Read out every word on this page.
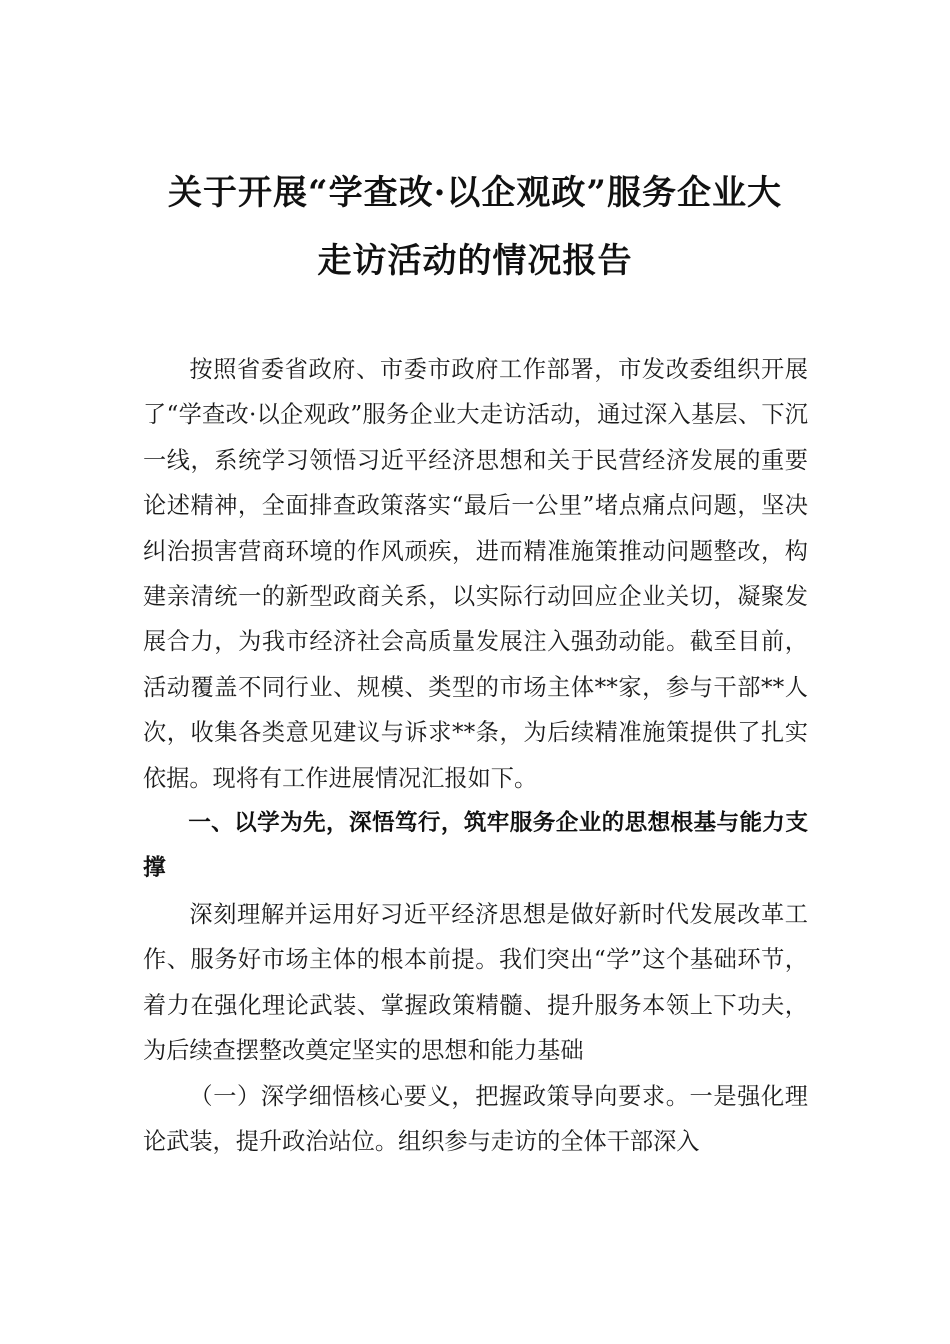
关于开展“学查改·以企观政”服务企业大
走访活动的情况报告

按照省委省政府、市委市政府工作部署，市发改委组织开展了“学查改·以企观政”服务企业大走访活动，通过深入基层、下沉一线，系统学习领悟习近平经济思想和关于民营经济发展的重要论述精神，全面排查政策落实“最后一公里”堵点痛点问题，坚决纠治损害营商环境的作风顽疾，进而精准施策推动问题整改，构建亲清统一的新型政商关系，以实际行动回应企业关切，凝聚发展合力，为我市经济社会高质量发展注入强劲动能。截至目前，活动覆盖不同行业、规模、类型的市场主体**家，参与干部**人次，收集各类意见建议与诉求**条，为后续精准施策提供了扎实依据。现将有工作进展情况汇报如下。

一、以学为先，深悟笃行，筑牢服务企业的思想根基与能力支撑

深刻理解并运用好习近平经济思想是做好新时代发展改革工作、服务好市场主体的根本前提。我们突出“学”这个基础环节，着力在强化理论武装、掌握政策精髓、提升服务本领上下功夫，为后续查摆整改奠定坚实的思想和能力基础

（一）深学细悟核心要义，把握政策导向要求。一是强化理论武装，提升政治站位。组织参与走访的全体干部深入
